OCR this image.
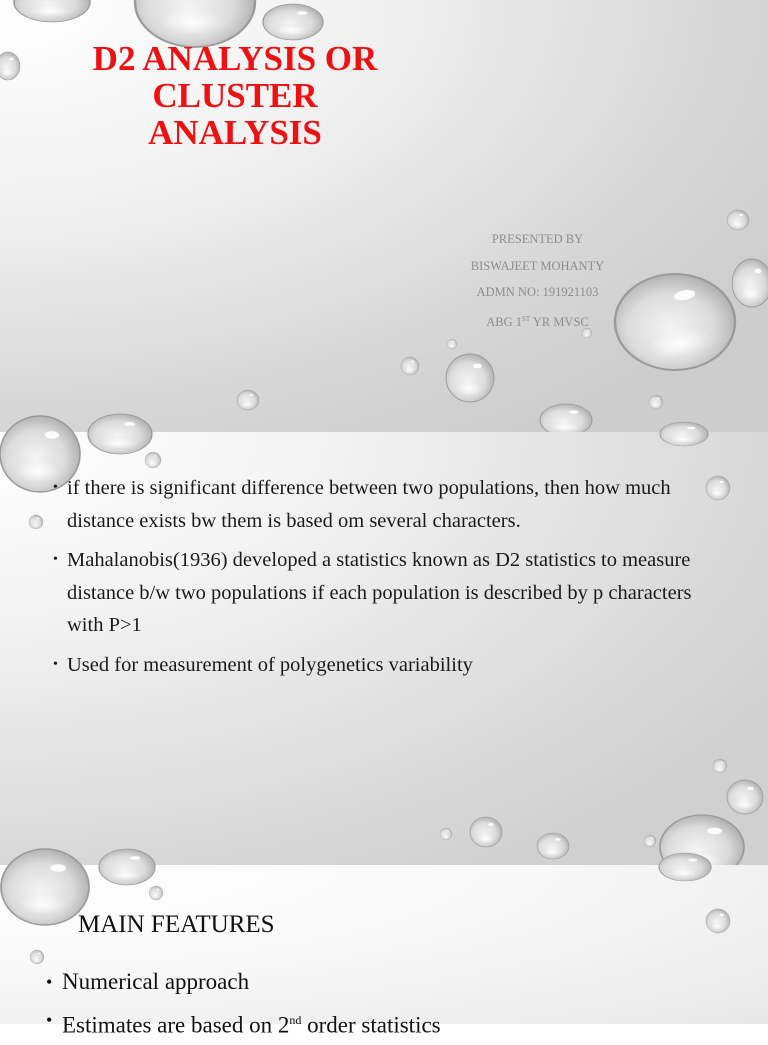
D2 ANALYSIS OR
CLUSTER
ANALYSIS
PRESENTED BY
BISWAJEET MOHANTY
ADMN NO: 191921103
ABG 1ST YR MVSC
• if there is significant difference between two populations, then how much distance exists bw them is based om several characters.
• Mahalanobis(1936) developed a statistics known as D2 statistics to measure distance b/w two populations if each population is described by p characters with P>1
• Used for measurement of polygenetics variability
MAIN FEATURES
• Numerical approach
• Estimates are based on 2nd order statistics
